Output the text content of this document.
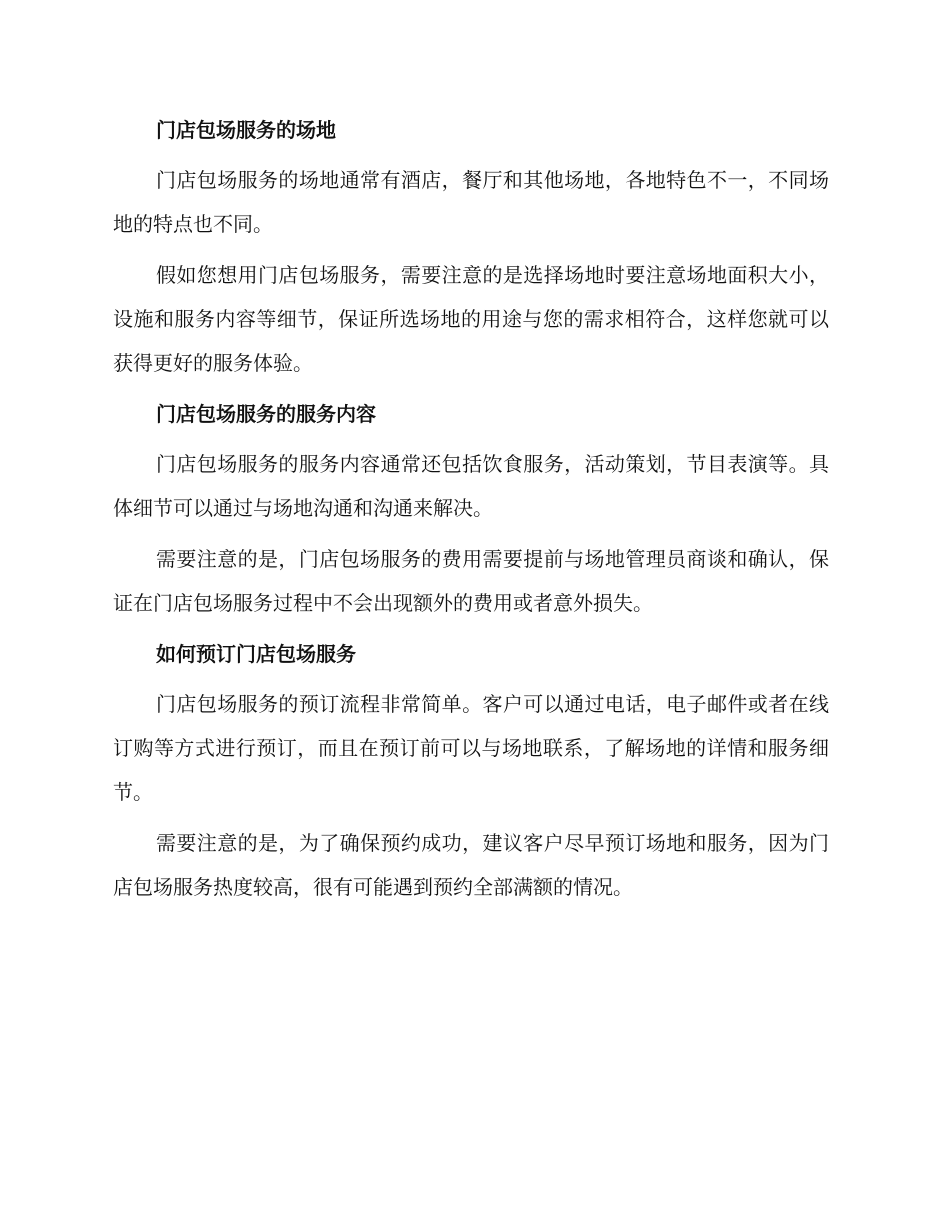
门店包场服务的场地

门店包场服务的场地通常有酒店，餐厅和其他场地，各地特色不一，不同场地的特点也不同。

假如您想用门店包场服务，需要注意的是选择场地时要注意场地面积大小，设施和服务内容等细节，保证所选场地的用途与您的需求相符合，这样您就可以获得更好的服务体验。

门店包场服务的服务内容

门店包场服务的服务内容通常还包括饮食服务，活动策划，节目表演等。具体细节可以通过与场地沟通和沟通来解决。

需要注意的是，门店包场服务的费用需要提前与场地管理员商谈和确认，保证在门店包场服务过程中不会出现额外的费用或者意外损失。

如何预订门店包场服务

门店包场服务的预订流程非常简单。客户可以通过电话，电子邮件或者在线订购等方式进行预订，而且在预订前可以与场地联系，了解场地的详情和服务细节。

需要注意的是，为了确保预约成功，建议客户尽早预订场地和服务，因为门店包场服务热度较高，很有可能遇到预约全部满额的情况。
